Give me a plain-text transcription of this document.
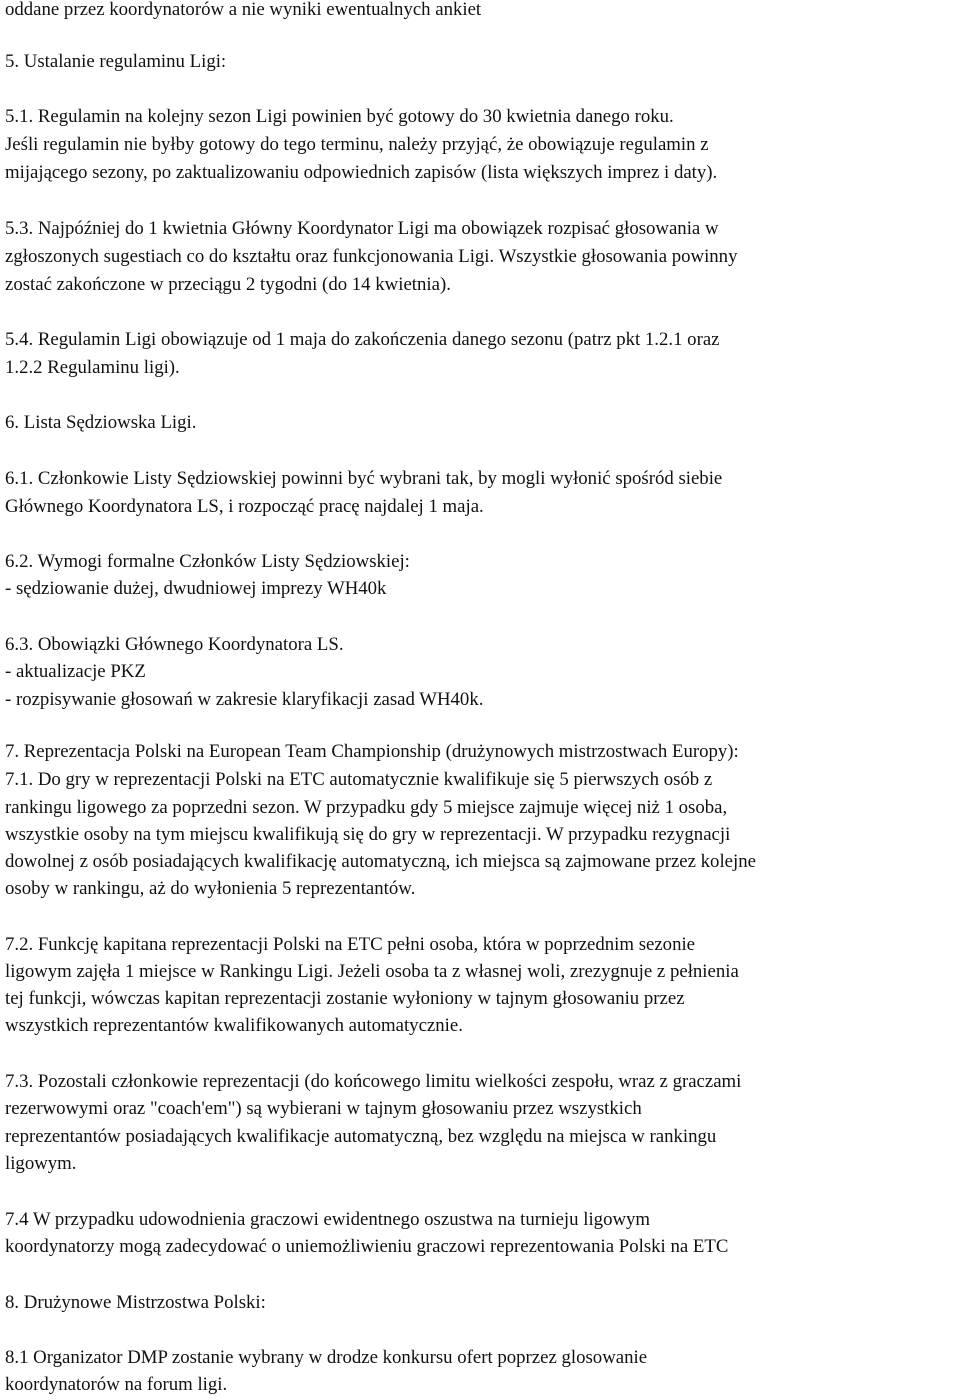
oddane przez koordynatorów a nie wyniki ewentualnych ankiet
5. Ustalanie regulaminu Ligi:
5.1. Regulamin na kolejny sezon Ligi powinien być gotowy do 30 kwietnia danego roku.
Jeśli regulamin nie byłby gotowy do tego terminu, należy przyjąć, że obowiązuje regulamin z
mijającego sezony, po zaktualizowaniu odpowiednich zapisów (lista większych imprez i daty).
5.3. Najpóźniej do 1 kwietnia Główny Koordynator Ligi ma obowiązek rozpisać głosowania w
zgłoszonych sugestiach co do kształtu oraz funkcjonowania Ligi. Wszystkie głosowania powinny
zostać zakończone w przeciągu 2 tygodni (do 14 kwietnia).
5.4. Regulamin Ligi obowiązuje od 1 maja do zakończenia danego sezonu (patrz pkt 1.2.1 oraz
1.2.2 Regulaminu ligi).
6. Lista Sędziowska Ligi.
6.1. Członkowie Listy Sędziowskiej powinni być wybrani tak, by mogli wyłonić spośród siebie
Głównego Koordynatora LS, i rozpocząć pracę najdalej 1 maja.
6.2. Wymogi formalne Członków Listy Sędziowskiej:
- sędziowanie dużej, dwudniowej imprezy WH40k
6.3. Obowiązki Głównego Koordynatora LS.
- aktualizacje PKZ
- rozpisywanie głosowań w zakresie klaryfikacji zasad WH40k.
7. Reprezentacja Polski na European Team Championship (drużynowych mistrzostwach Europy):
7.1. Do gry w reprezentacji Polski na ETC automatycznie kwalifikuje się 5 pierwszych osób z
rankingu ligowego za poprzedni sezon. W przypadku gdy 5 miejsce zajmuje więcej niż 1 osoba,
wszystkie osoby na tym miejscu kwalifikują się do gry w reprezentacji. W przypadku rezygnacji
dowolnej z osób posiadających kwalifikację automatyczną, ich miejsca są zajmowane przez kolejne
osoby w rankingu, aż do wyłonienia 5 reprezentantów.
7.2. Funkcję kapitana reprezentacji Polski na ETC pełni osoba, która w poprzednim sezonie
ligowym zajęła 1 miejsce w Rankingu Ligi. Jeżeli osoba ta z własnej woli, zrezygnuje z pełnienia
tej funkcji, wówczas kapitan reprezentacji zostanie wyłoniony w tajnym głosowaniu przez
wszystkich reprezentantów kwalifikowanych automatycznie.
7.3. Pozostali członkowie reprezentacji (do końcowego limitu wielkości zespołu, wraz z graczami
rezerwowymi oraz "coach'em") są wybierani w tajnym głosowaniu przez wszystkich
reprezentantów posiadających kwalifikacje automatyczną, bez względu na miejsca w rankingu
ligowym.
7.4 W przypadku udowodnienia graczowi ewidentnego oszustwa na turnieju ligowym
koordynatorzy mogą zadecydować o uniemożliwieniu graczowi reprezentowania Polski na ETC
8. Drużynowe Mistrzostwa Polski:
8.1 Organizator DMP zostanie wybrany w drodze konkursu ofert poprzez glosowanie
koordynatorów na forum ligi.
